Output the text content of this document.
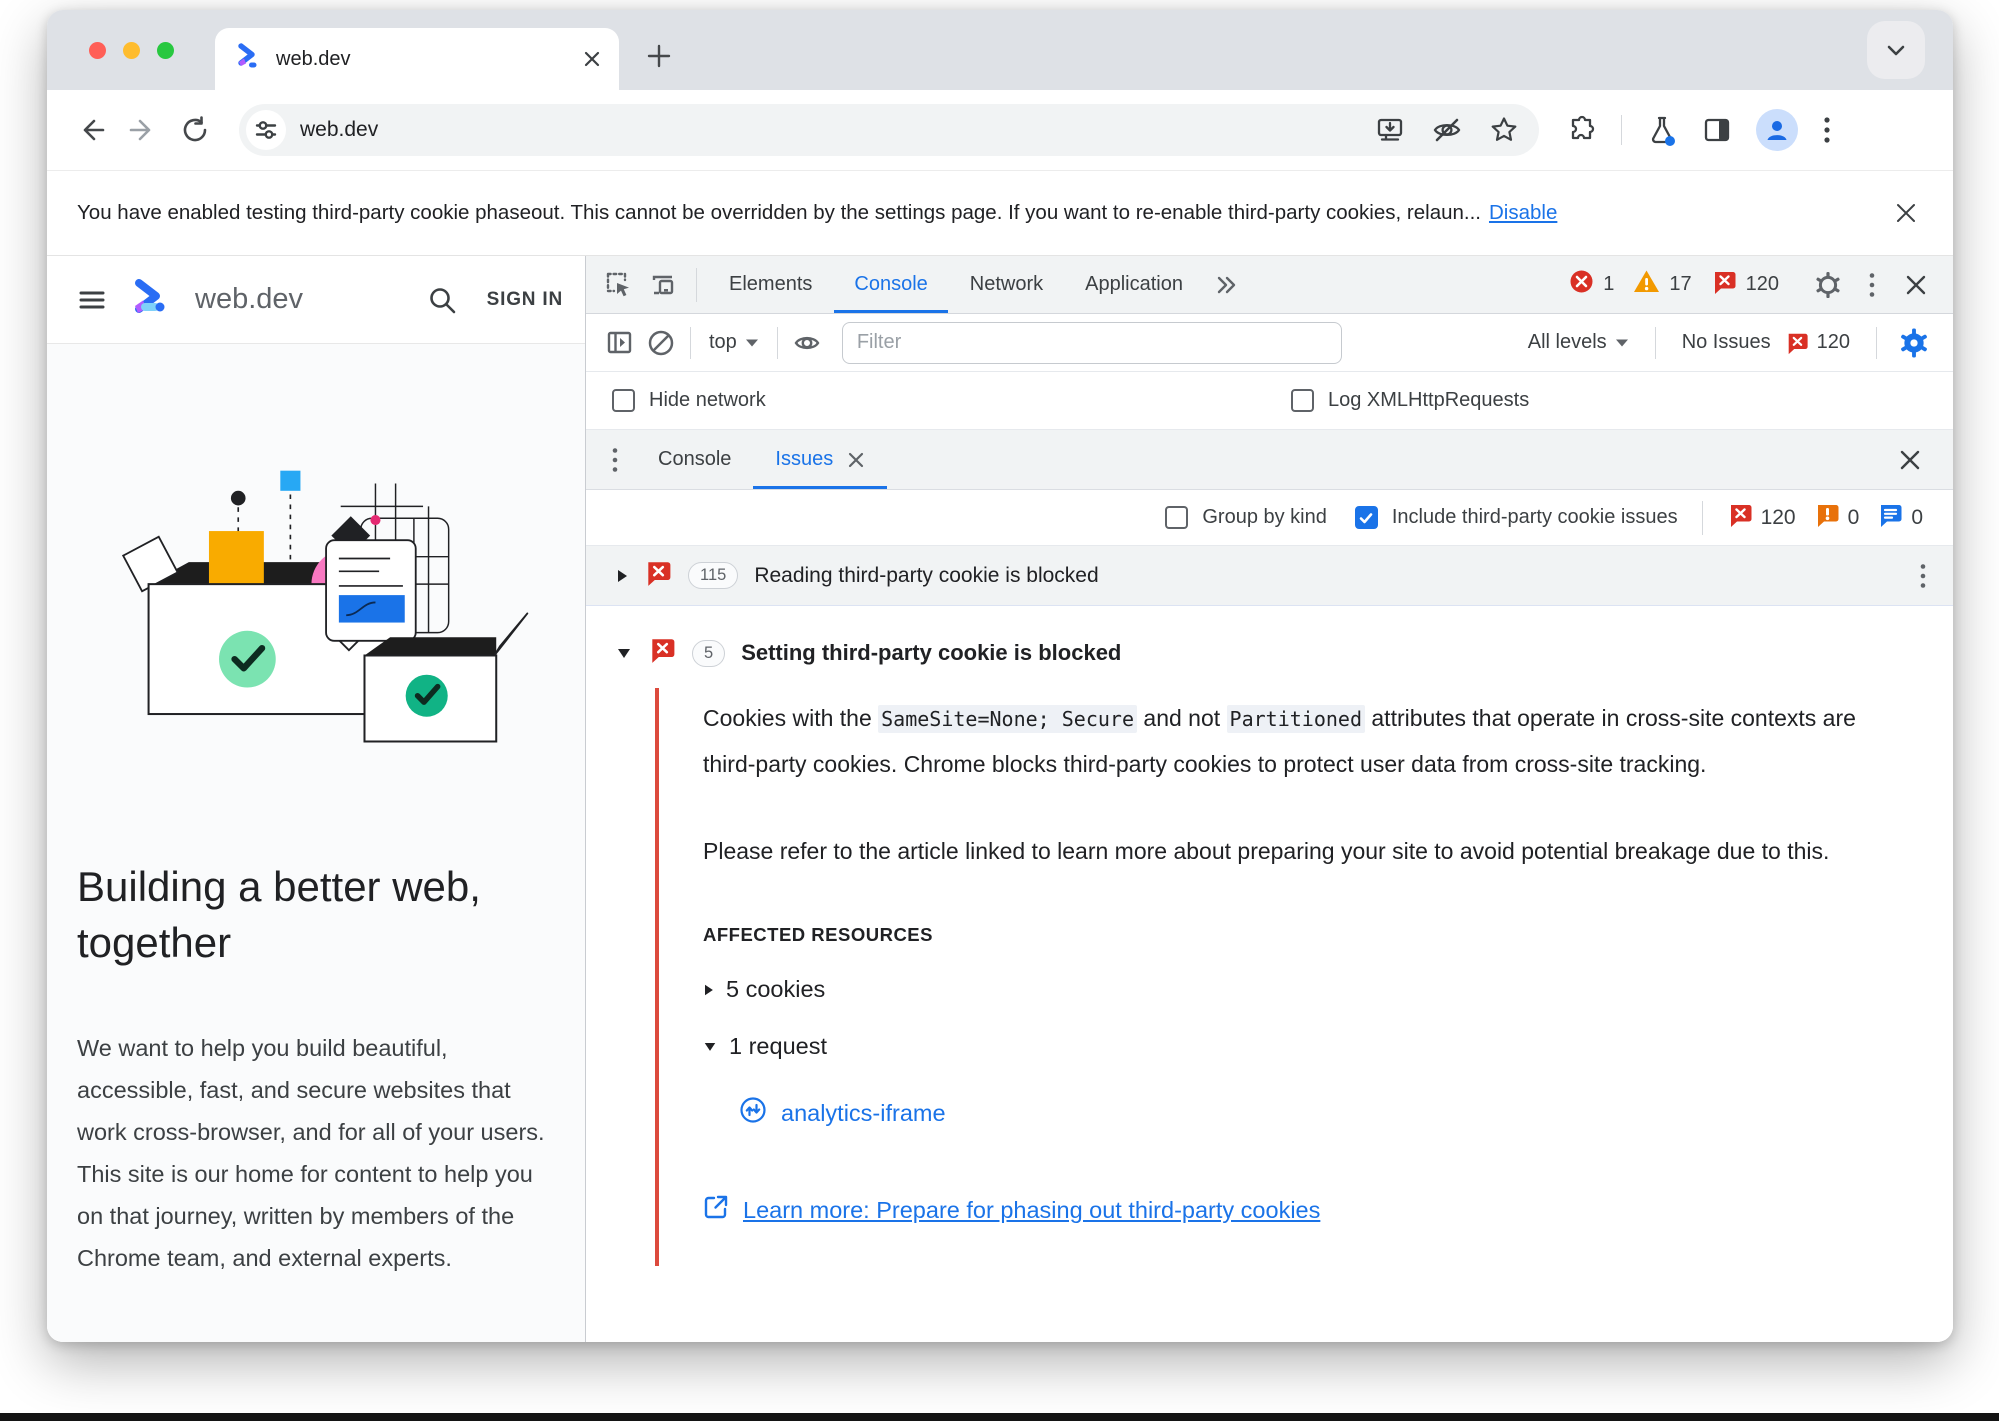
web.dev
web.dev
You have enabled testing third-party cookie phaseout. This cannot be overridden by the settings page. If you want to re-enable third-party cookies, relaun... Disable
web.dev	SIGN IN
Building a better web, together

We want to help you build beautiful, accessible, fast, and secure websites that work cross-browser, and for all of your users. This site is our home for content to help you on that journey, written by members of the Chrome team, and external experts.

Elements	Console	Network	Application	1	17	120
top
Filter	All levels	No Issues 120
Hide network	Log XMLHttpRequests
Console	Issues
Group by kind	Include third-party cookie issues	120 0 0
115	Reading third-party cookie is blocked
5	Setting third-party cookie is blocked

Cookies with the SameSite=None; Secure and not Partitioned attributes that operate in cross-site contexts are third-party cookies. Chrome blocks third-party cookies to protect user data from cross-site tracking.

Please refer to the article linked to learn more about preparing your site to avoid potential breakage due to this.

AFFECTED RESOURCES
5 cookies
1 request
analytics-iframe
Learn more: Prepare for phasing out third-party cookies
